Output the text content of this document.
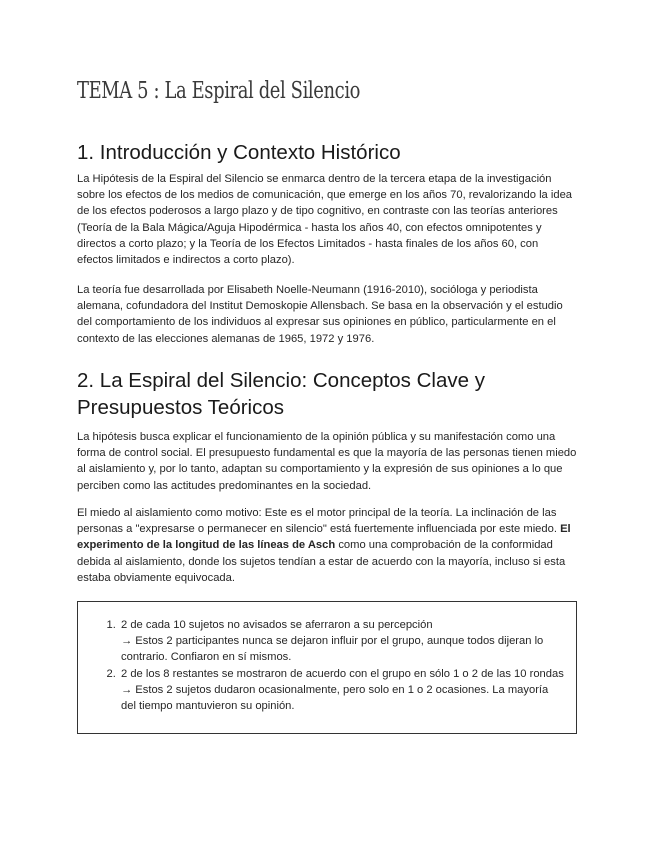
TEMA 5 : La Espiral del Silencio
1. Introducción y Contexto Histórico

La Hipótesis de la Espiral del Silencio se enmarca dentro de la tercera etapa de la investigación sobre los efectos de los medios de comunicación, que emerge en los años 70, revalorizando la idea de los efectos poderosos a largo plazo y de tipo cognitivo, en contraste con las teorías anteriores (Teoría de la Bala Mágica/Aguja Hipodérmica - hasta los años 40, con efectos omnipotentes y directos a corto plazo; y la Teoría de los Efectos Limitados - hasta finales de los años 60, con efectos limitados e indirectos a corto plazo).

La teoría fue desarrollada por Elisabeth Noelle-Neumann (1916-2010), socióloga y periodista alemana, cofundadora del Institut Demoskopie Allensbach. Se basa en la observación y el estudio del comportamiento de los individuos al expresar sus opiniones en público, particularmente en el contexto de las elecciones alemanas de 1965, 1972 y 1976.

2. La Espiral del Silencio: Conceptos Clave y Presupuestos Teóricos

La hipótesis busca explicar el funcionamiento de la opinión pública y su manifestación como una forma de control social. El presupuesto fundamental es que la mayoría de las personas tienen miedo al aislamiento y, por lo tanto, adaptan su comportamiento y la expresión de sus opiniones a lo que perciben como las actitudes predominantes en la sociedad.

El miedo al aislamiento como motivo: Este es el motor principal de la teoría. La inclinación de las personas a "expresarse o permanecer en silencio" está fuertemente influenciada por este miedo. El experimento de la longitud de las líneas de Asch como una comprobación de la conformidad debida al aislamiento, donde los sujetos tendían a estar de acuerdo con la mayoría, incluso si esta estaba obviamente equivocada.

1. 2 de cada 10 sujetos no avisados se aferraron a su percepción
→ Estos 2 participantes nunca se dejaron influir por el grupo, aunque todos dijeran lo contrario. Confiaron en sí mismos.
2. 2 de los 8 restantes se mostraron de acuerdo con el grupo en sólo 1 o 2 de las 10 rondas
→ Estos 2 sujetos dudaron ocasionalmente, pero solo en 1 o 2 ocasiones. La mayoría del tiempo mantuvieron su opinión.
